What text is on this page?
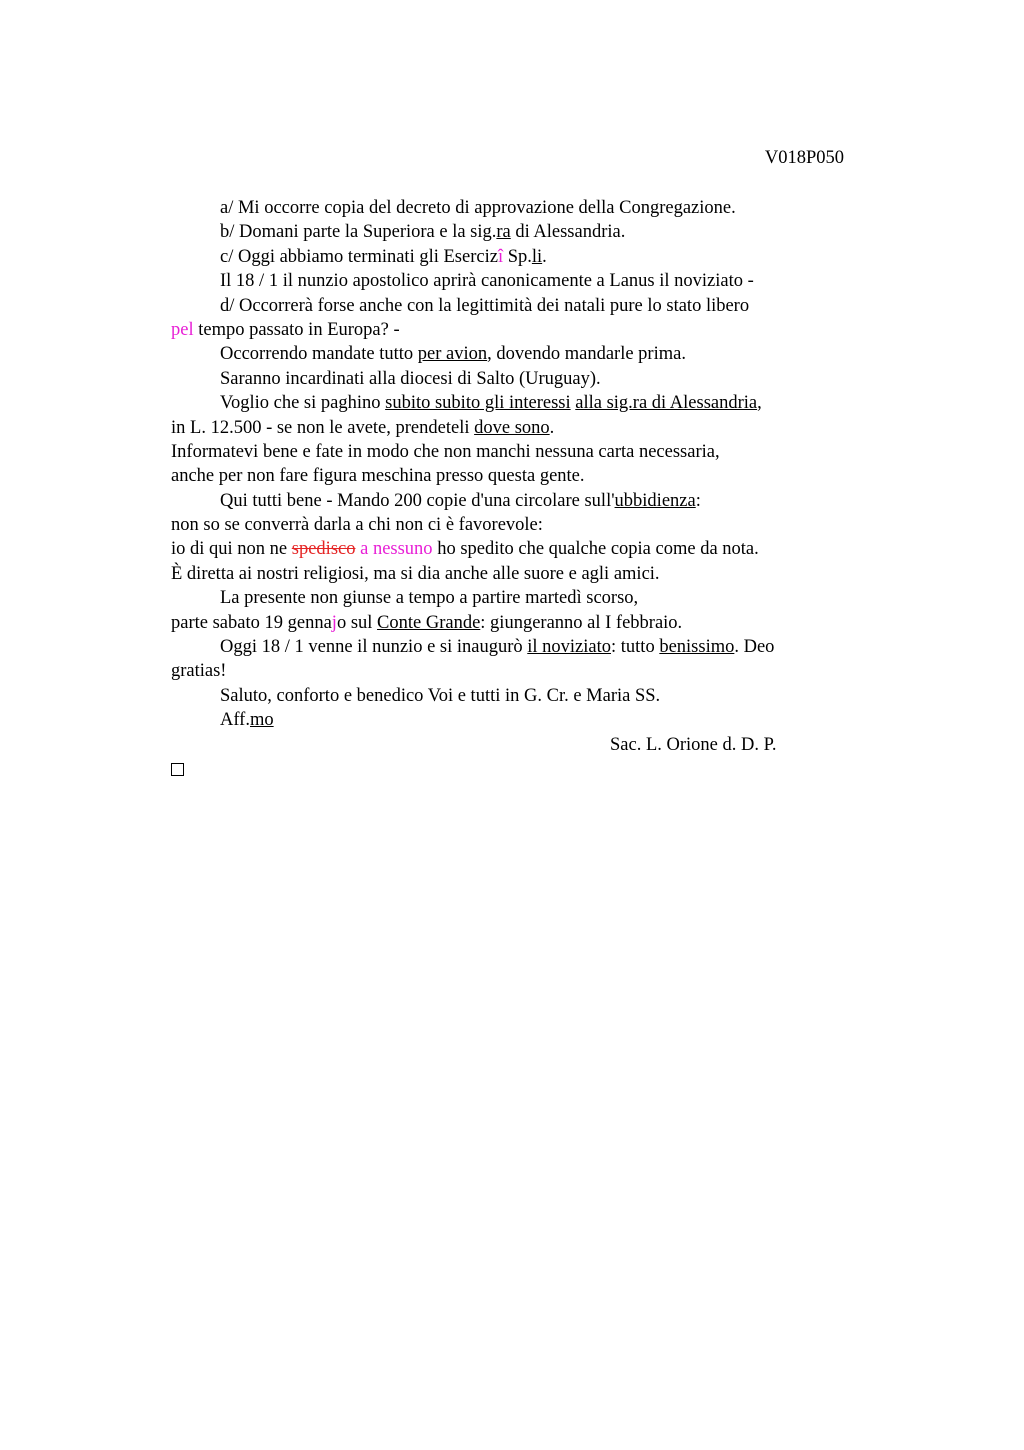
V018P050
a/ Mi occorre copia del decreto di approvazione della Congregazione.
b/ Domani parte la Superiora e la sig.ra di Alessandria.
c/ Oggi abbiamo terminati gli Esercizî Sp.li.
Il 18 / 1 il nunzio apostolico aprirà canonicamente a Lanus il noviziato -
d/ Occorrerà forse anche con la legittimità dei natali pure lo stato libero
pel tempo passato in Europa? -
Occorrendo mandate tutto per avion, dovendo mandarle prima.
Saranno incardinati alla diocesi di Salto (Uruguay).
Voglio che si paghino subito subito gli interessi alla sig.ra di Alessandria,
in L. 12.500 - se non le avete, prendeteli dove sono.
Informatevi bene e fate in modo che non manchi nessuna carta necessaria,
anche per non fare figura meschina presso questa gente.
Qui tutti bene - Mando 200 copie d'una circolare sull'ubbidienza:
non so se converrà darla a chi non ci è favorevole:
io di qui non ne spedisco a nessuno ho spedito che qualche copia come da nota.
È diretta ai nostri religiosi, ma si dia anche alle suore e agli amici.
La presente non giunse a tempo a partire martedì scorso,
parte sabato 19 gennajo sul Conte Grande: giungeranno al I febbraio.
Oggi 18 / 1 venne il nunzio e si inaugurò il noviziato: tutto benissimo. Deo
gratias!
Saluto, conforto e benedico Voi e tutti in G. Cr. e Maria SS.
Aff.mo
Sac. L. Orione d. D. P.
